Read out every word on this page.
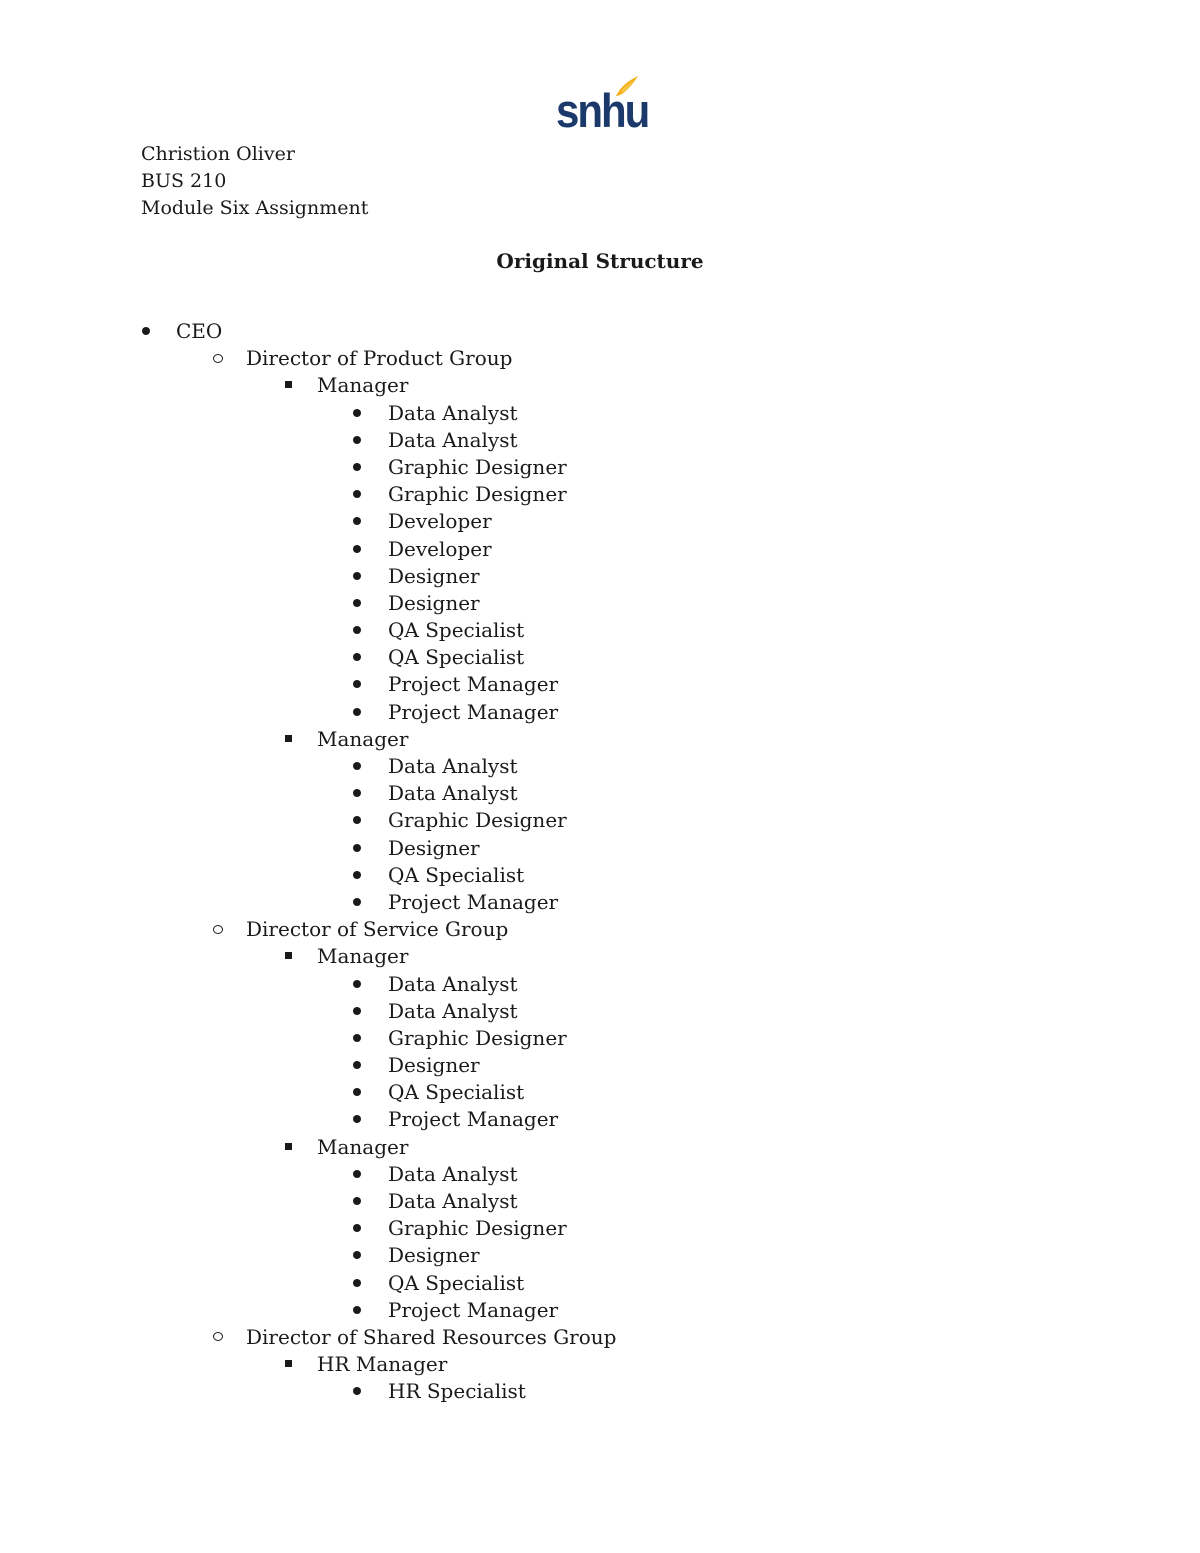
snhu
Christion Oliver
BUS 210
Module Six Assignment
Original Structure
CEO
Director of Product Group
Manager
Data Analyst
Data Analyst
Graphic Designer
Graphic Designer
Developer
Developer
Designer
Designer
QA Specialist
QA Specialist
Project Manager
Project Manager
Manager
Data Analyst
Data Analyst
Graphic Designer
Designer
QA Specialist
Project Manager
Director of Service Group
Manager
Data Analyst
Data Analyst
Graphic Designer
Designer
QA Specialist
Project Manager
Manager
Data Analyst
Data Analyst
Graphic Designer
Designer
QA Specialist
Project Manager
Director of Shared Resources Group
HR Manager
HR Specialist
